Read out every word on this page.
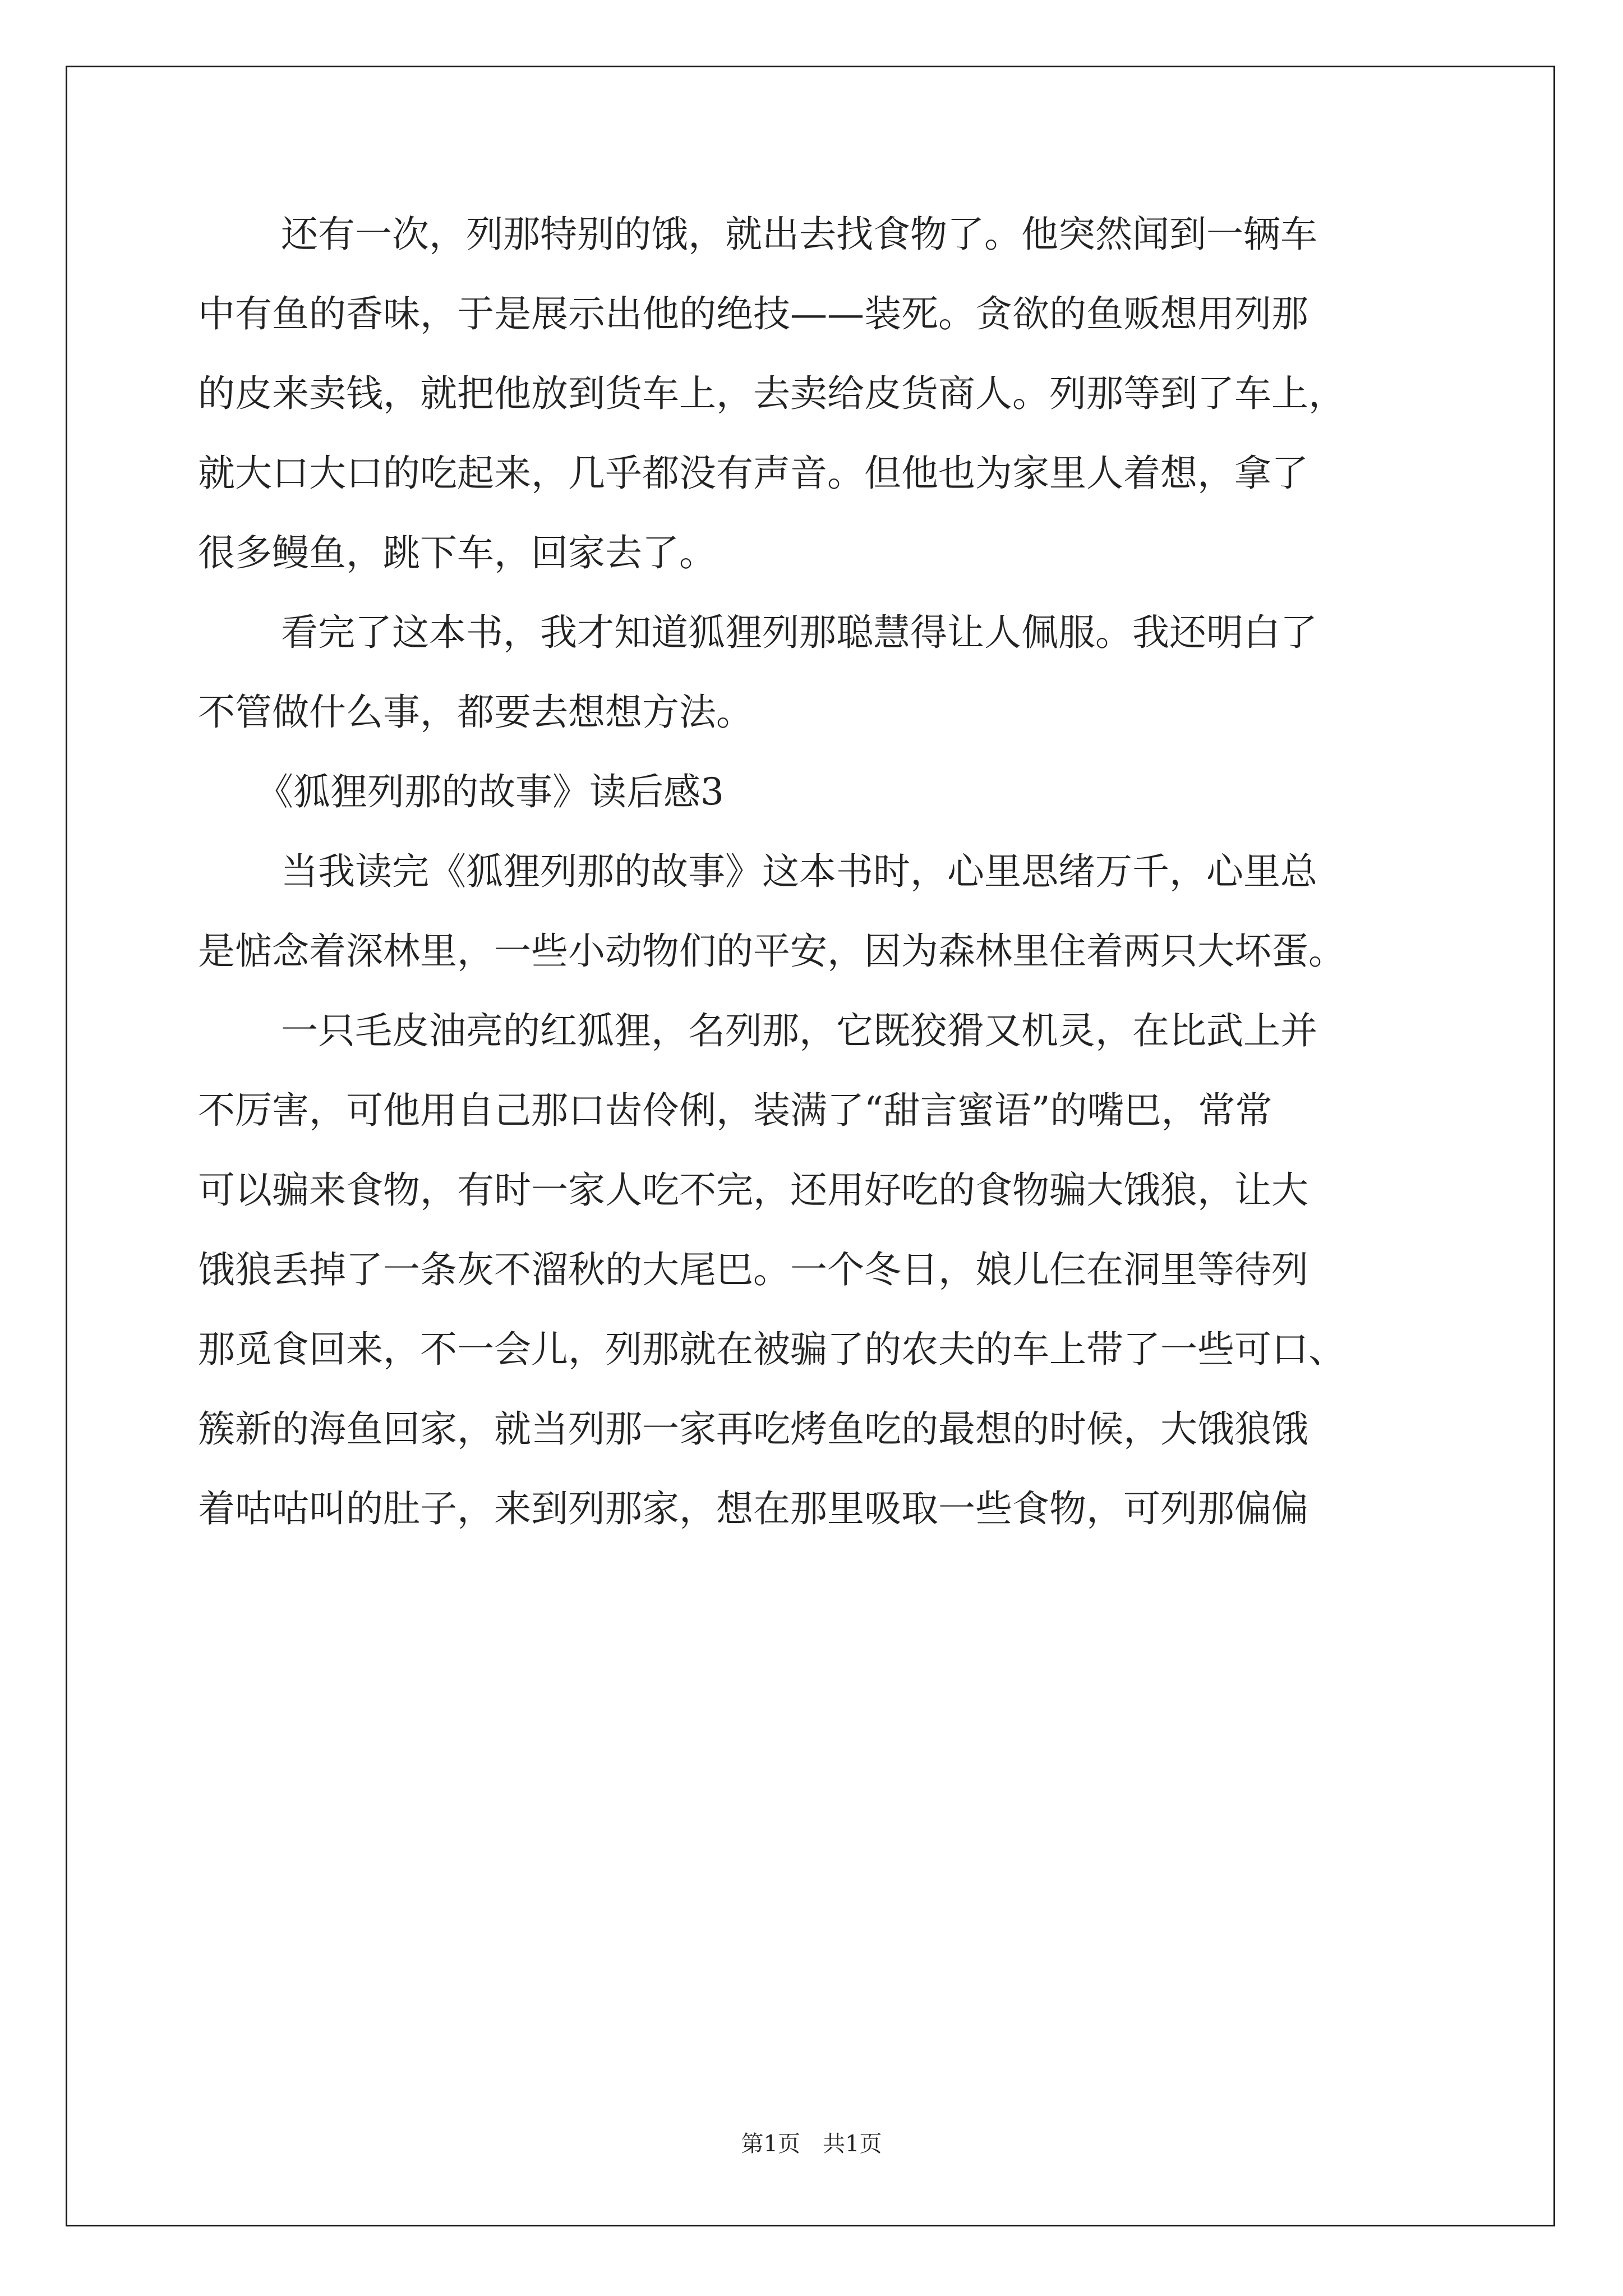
还有一次，列那特别的饿，就出去找食物了。他突然闻到一辆车
中有鱼的香味，于是展示出他的绝技——装死。贪欲的鱼贩想用列那
的皮来卖钱，就把他放到货车上，去卖给皮货商人。列那等到了车上，
就大口大口的吃起来，几乎都没有声音。但他也为家里人着想，拿了
很多鳗鱼，跳下车，回家去了。
看完了这本书，我才知道狐狸列那聪慧得让人佩服。我还明白了
不管做什么事，都要去想想方法。
《狐狸列那的故事》读后感3
当我读完《狐狸列那的故事》这本书时，心里思绪万千，心里总
是惦念着深林里，一些小动物们的平安，因为森林里住着两只大坏蛋。
一只毛皮油亮的红狐狸，名列那，它既狡猾又机灵，在比武上并
不厉害，可他用自己那口齿伶俐，装满了“甜言蜜语”的嘴巴，常常
可以骗来食物，有时一家人吃不完，还用好吃的食物骗大饿狼，让大
饿狼丢掉了一条灰不溜秋的大尾巴。一个冬日，娘儿仨在洞里等待列
那觅食回来，不一会儿，列那就在被骗了的农夫的车上带了一些可口、
簇新的海鱼回家，就当列那一家再吃烤鱼吃的最想的时候，大饿狼饿
着咕咕叫的肚子，来到列那家，想在那里吸取一些食物，可列那偏偏
第1页　共1页
